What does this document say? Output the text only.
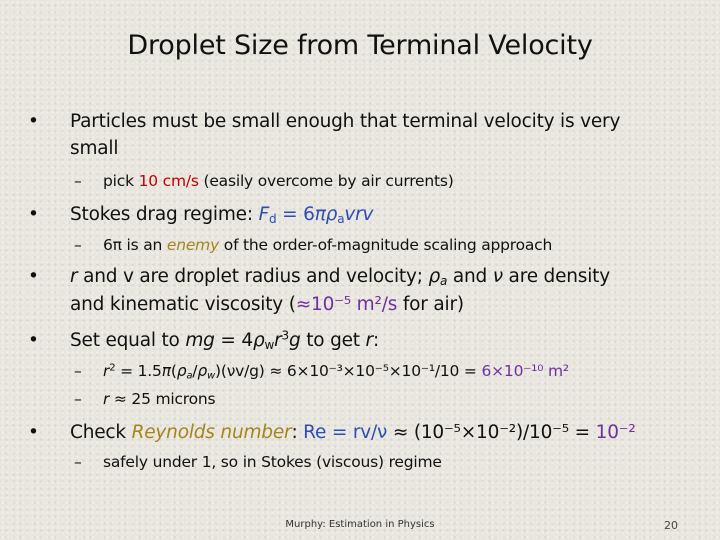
Droplet Size from Terminal Velocity
• Particles must be small enough that terminal velocity is very
small
– pick 10 cm/s (easily overcome by air currents)
• Stokes drag regime: $F_d = 6\pi\rho_avrv$
– 6π is an enemy of the order-of-magnitude scaling approach
• r and v are droplet radius and velocity; $\rho_a$ and ν are density
and kinematic viscosity (≈10⁻⁵ m²/s for air)
• Set equal to mg = $4\rho_wr^3g$ to get r:
– $r^2 = 1.5\pi(\rho_a/\rho_w)(\nu v/g) \approx 6\times 10^{-3}\times 10^{-5}\times 10^{-1}/10 = 6\times 10^{-10}$ m²
– r ≈ 25 microns
• Check Reynolds number: Re = rv/ν ≈ (10⁻⁵×10⁻²)/10⁻⁵ = 10⁻²
– safely under 1, so in Stokes (viscous) regime
Murphy: Estimation in Physics	20
